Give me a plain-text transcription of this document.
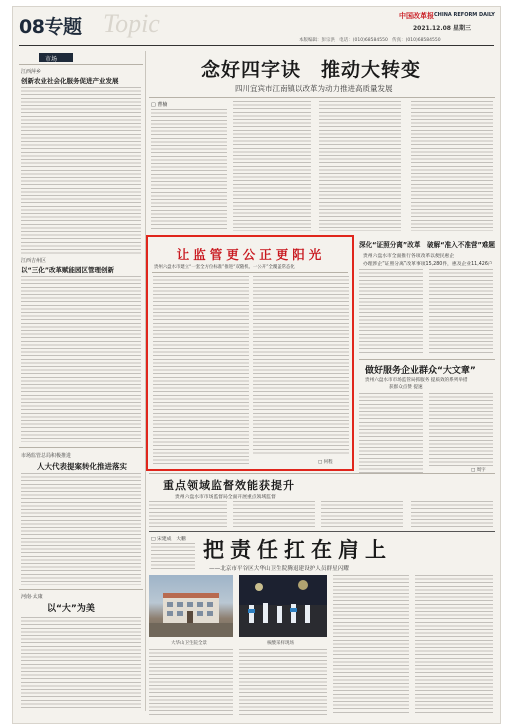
08专题 Topic	中国改革报 CHINA REFORM DAILY
2021.12.08 星期三
本版编辑：彭宗洪 电话：(010)68584550 传真：(010)68584550
市场
江西萍乡
创新农业社会化服务促进产业发展
江西吉州区
以“三化”改革赋能园区管理创新
市场监管总局积极推进
人大代表提案转化推进落实
河南·太康
以“大”为美
念好四字诀　推动大转变
四川宜宾市江南镇以改革为动力推进高质量发展
□ 曹楠
让监管更公正更阳光
贵州六盘水市建立“一套全方位标准”推进“双随机、一公开”全覆盖常态化
□ 何程
深化“证照分离”改革　破解“准入不准营”难题
贵州六盘水市全面推行各项改革以便民惠企
办理涉企“证照分离”改革事项15,280件，惠及企业11,426户
做好服务企业群众“大文章”
贵州六盘水市市场监管局抓服务 提质效的系列举措
获群众点赞 提速
□ 周宇
重点领域监督效能获提升
贵州六盘水市市场监督局全面开展重点领域监督
□ 宋建成　大鹏 把责任扛在肩上
——北京市平谷区大华山卫生院腾退建设护人员群星闪耀
大华山卫生院全景	核酸采样现场
